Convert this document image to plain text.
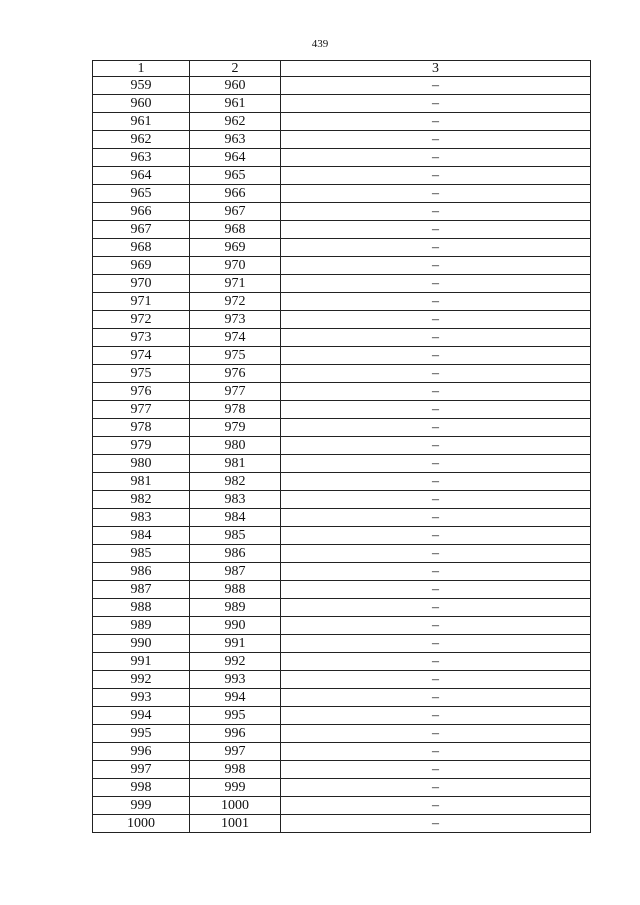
439
1	2	3
959	960	–
960	961	–
961	962	–
962	963	–
963	964	–
964	965	–
965	966	–
966	967	–
967	968	–
968	969	–
969	970	–
970	971	–
971	972	–
972	973	–
973	974	–
974	975	–
975	976	–
976	977	–
977	978	–
978	979	–
979	980	–
980	981	–
981	982	–
982	983	–
983	984	–
984	985	–
985	986	–
986	987	–
987	988	–
988	989	–
989	990	–
990	991	–
991	992	–
992	993	–
993	994	–
994	995	–
995	996	–
996	997	–
997	998	–
998	999	–
999	1000	–
1000	1001	–
